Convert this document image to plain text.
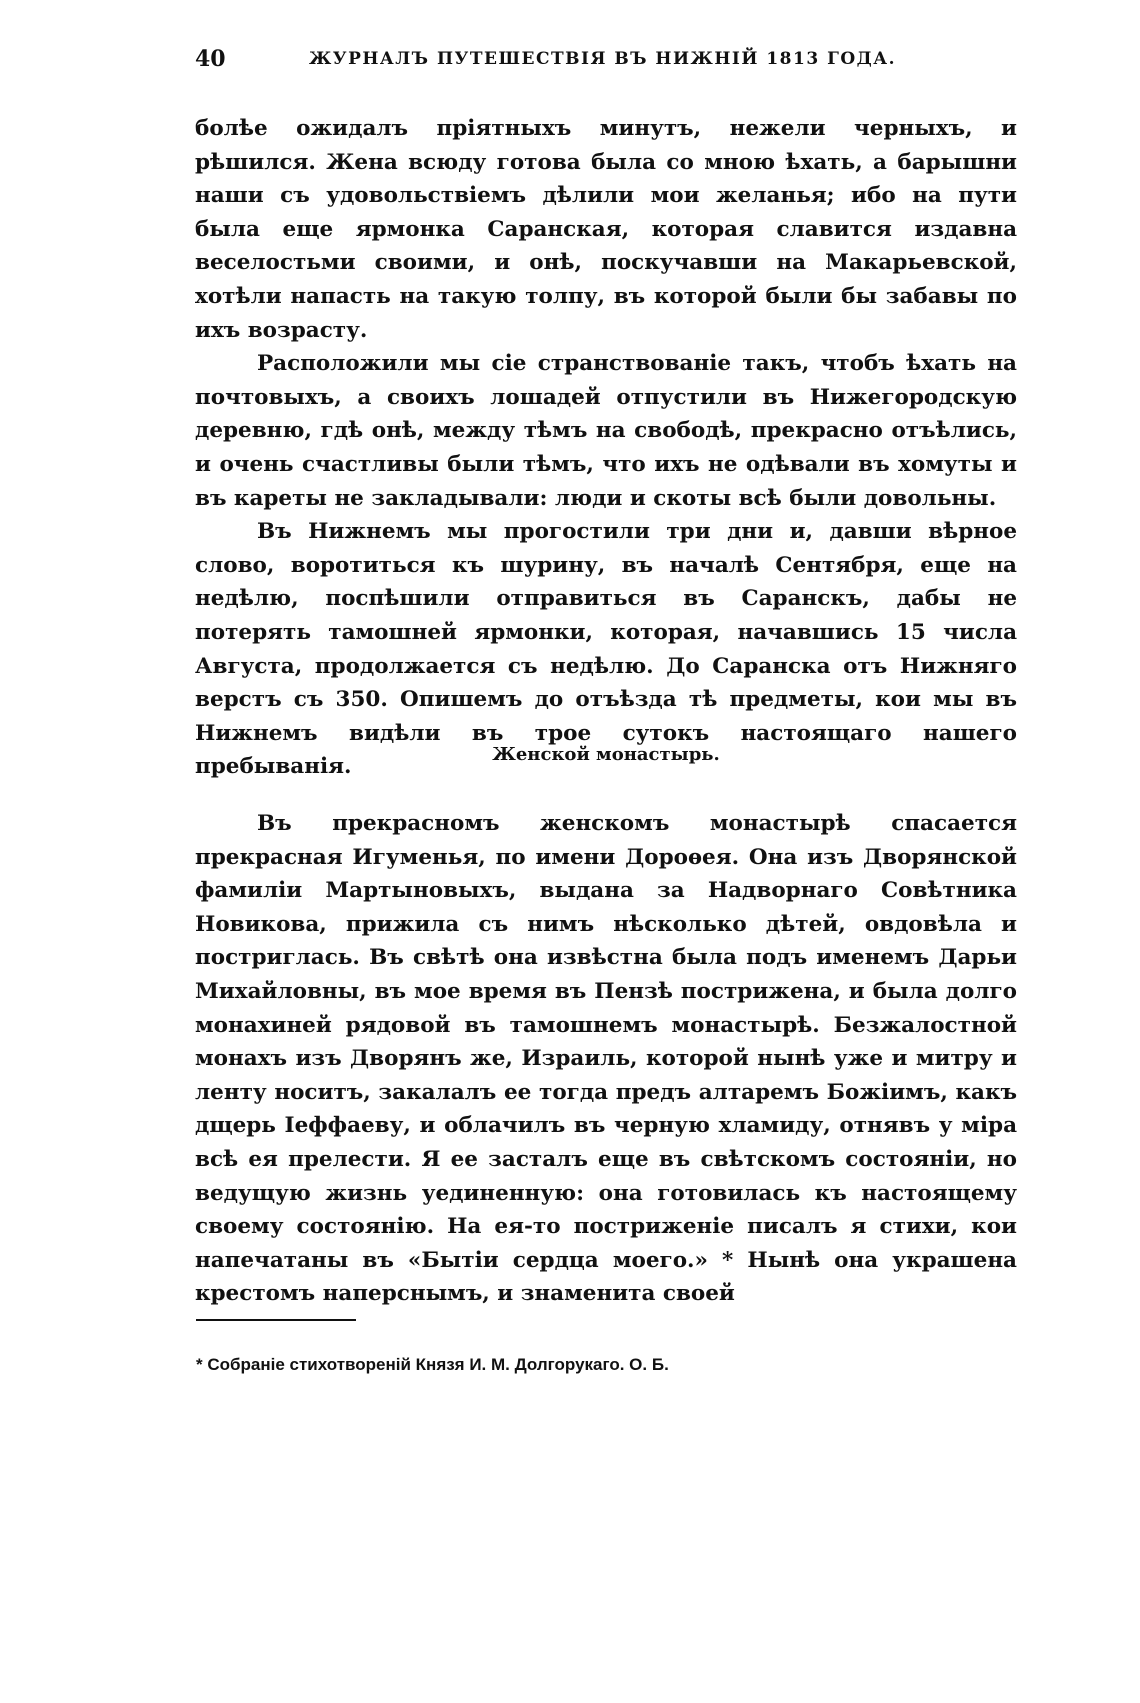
40	ЖУРНАЛЪ ПУТЕШЕСТВІЯ ВЪ НИЖНІЙ 1813 ГОДА.

болѣе ожидалъ пріятныхъ минутъ, нежели черныхъ, и рѣшился. Жена всюду готова была со мною ѣхать, а барышни наши съ удовольствіемъ дѣлили мои желанья; ибо на пути была еще ярмонка Саранская, которая славится издавна веселостьми своими, и онѣ, поскучавши на Макарьевской, хотѣли напасть на такую толпу, въ которой были бы забавы по ихъ возрасту.

Расположили мы сіе странствованіе такъ, чтобъ ѣхать на почтовыхъ, а своихъ лошадей отпустили въ Нижегородскую деревню, гдѣ онѣ, между тѣмъ на свободѣ, прекрасно отъѣлись, и очень счастливы были тѣмъ, что ихъ не одѣвали въ хомуты и въ кареты не закладывали: люди и скоты всѣ были довольны.

Въ Нижнемъ мы прогостили три дни и, давши вѣрное слово, воротиться къ шурину, въ началѣ Сентября, еще на недѣлю, поспѣшили отправиться въ Саранскъ, дабы не потерять тамошней ярмонки, которая, начавшись 15 числа Августа, продолжается съ недѣлю. До Саранска отъ Нижняго верстъ съ 350. Опишемъ до отъѣзда тѣ предметы, кои мы въ Нижнемъ видѣли въ трое сутокъ настоящаго нашего пребыванія.	Женской монастырь.

Въ прекрасномъ женскомъ монастырѣ спасается прекрасная Игуменья, по имени Дороѳея. Она изъ Дворянской фамиліи Мартыновыхъ, выдана за Надворнаго Совѣтника Новикова, прижила съ нимъ нѣсколько дѣтей, овдовѣла и постриглась. Въ свѣтѣ она извѣстна была подъ именемъ Дарьи Михайловны, въ мое время въ Пензѣ пострижена, и была долго монахиней рядовой въ тамошнемъ монастырѣ. Безжалостной монахъ изъ Дворянъ же, Израиль, которой нынѣ уже и митру и ленту носитъ, закалалъ ее тогда предъ алтаремъ Божіимъ, какъ дщерь Іеффаеву, и облачилъ въ черную хламиду, отнявъ у міра всѣ ея прелести. Я ее засталъ еще въ свѣтскомъ состояніи, но ведущую жизнь уединенную: она готовилась къ настоящему своему состоянію. На ея-то постриженіе писалъ я стихи, кои напечатаны въ «Бытіи сердца моего.» * Нынѣ она украшена крестомъ наперснымъ, и знаменита своей

* Собраніе стихотвореній Князя И. М. Долгорукаго. О. Б.
